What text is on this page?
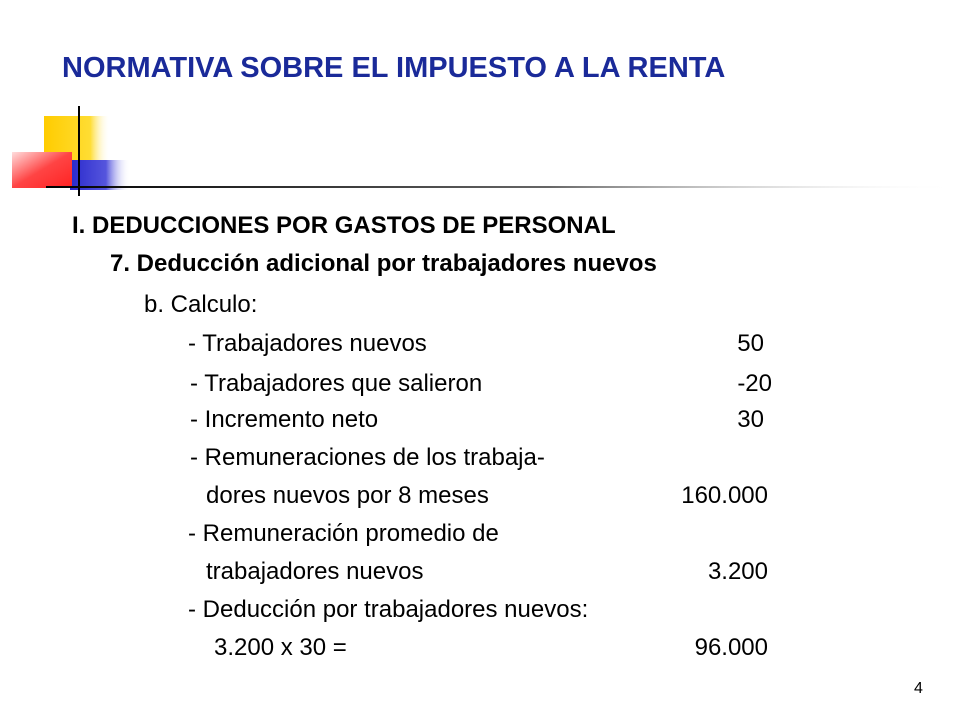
NORMATIVA SOBRE EL IMPUESTO A LA RENTA
I. DEDUCCIONES POR GASTOS DE PERSONAL
7. Deducción adicional por trabajadores nuevos
b. Calculo:
- Trabajadores nuevos	50
- Trabajadores que salieron	-20
- Incremento neto	30
- Remuneraciones de los trabaja-
dores nuevos por 8 meses	160.000
- Remuneración promedio de
trabajadores nuevos	3.200
- Deducción por trabajadores nuevos:
3.200 x 30 =	96.000
4
